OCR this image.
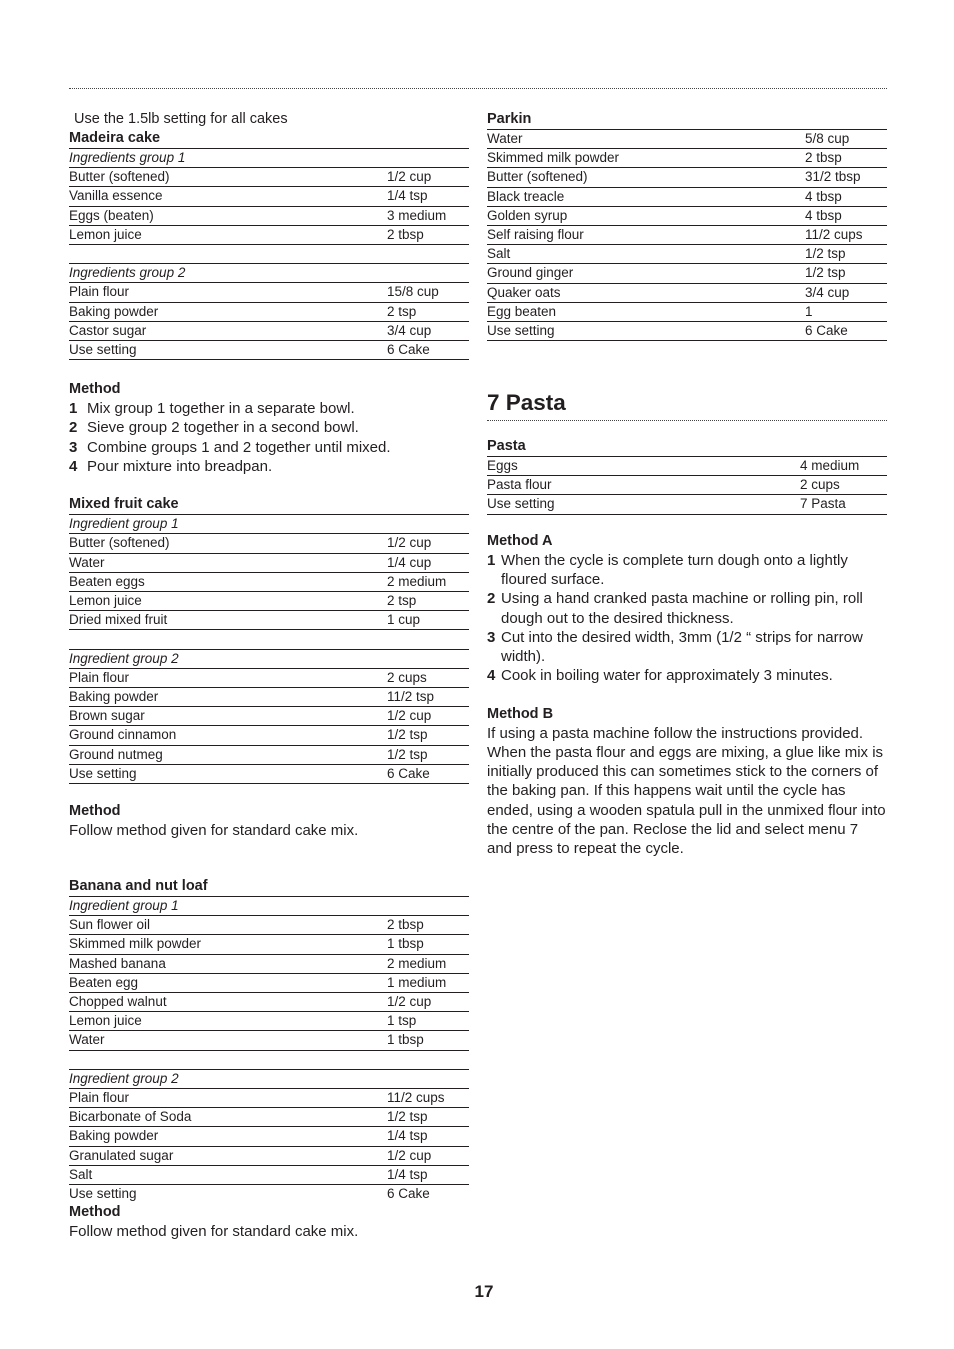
Use the 1.5lb setting for all cakes
Madeira cake
Ingredients group 1
Butter (softened)	1/2 cup
Vanilla essence	1/4 tsp
Eggs (beaten)	3 medium
Lemon juice	2 tbsp
Ingredients group 2
Plain flour	15/8 cup
Baking powder	2 tsp
Castor sugar	3/4 cup
Use setting	6 Cake
Method
1 Mix group 1 together in a separate bowl.
2 Sieve group 2 together in a second bowl.
3 Combine groups 1 and 2 together until mixed.
4 Pour mixture into breadpan.
Mixed fruit cake
Ingredient group 1
Butter (softened)	1/2 cup
Water	1/4 cup
Beaten eggs	2 medium
Lemon juice	2 tsp
Dried mixed fruit	1 cup
Ingredient group 2
Plain flour	2 cups
Baking powder	11/2 tsp
Brown sugar	1/2 cup
Ground cinnamon	1/2 tsp
Ground nutmeg	1/2 tsp
Use setting	6 Cake
Method
Follow method given for standard cake mix.
Banana and nut loaf
Ingredient group 1
Sun flower oil	2 tbsp
Skimmed milk powder	1 tbsp
Mashed banana	2 medium
Beaten egg	1 medium
Chopped walnut	1/2 cup
Lemon juice	1 tsp
Water	1 tbsp
Ingredient group 2
Plain flour	11/2 cups
Bicarbonate of Soda	1/2 tsp
Baking powder	1/4 tsp
Granulated sugar	1/2 cup
Salt	1/4 tsp
Use setting	6 Cake
Method
Follow method given for standard cake mix.
Parkin
Water	5/8 cup
Skimmed milk powder	2 tbsp
Butter (softened)	31/2 tbsp
Black treacle	4 tbsp
Golden syrup	4 tbsp
Self raising flour	11/2 cups
Salt	1/2 tsp
Ground ginger	1/2 tsp
Quaker oats	3/4 cup
Egg beaten	1
Use setting	6 Cake
7 Pasta
Pasta
Eggs	4 medium
Pasta flour	2 cups
Use setting	7 Pasta
Method A
1 When the cycle is complete turn dough onto a lightly floured surface.
2 Using a hand cranked pasta machine or rolling pin, roll dough out to the desired thickness.
3 Cut into the desired width, 3mm (1/2 “ strips for narrow width).
4 Cook in boiling water for approximately 3 minutes.
Method B
If using a pasta machine follow the instructions provided.
When the pasta flour and eggs are mixing, a glue like mix is initially produced this can sometimes stick to the corners of the baking pan. If this happens wait until the cycle has ended, using a wooden spatula pull in the unmixed flour into the centre of the pan. Reclose the lid and select menu 7 and press to repeat the cycle.
17
